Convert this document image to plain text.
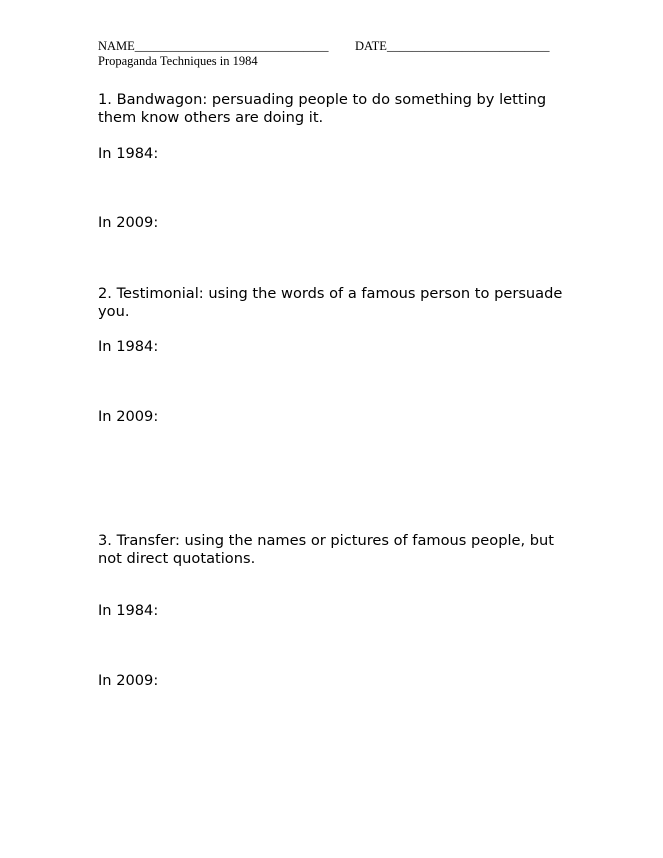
NAME_______________________________ DATE__________________________
Propaganda Techniques in 1984
1. Bandwagon: persuading people to do something by letting them know others are doing it.
In 1984:
In 2009:
2. Testimonial: using the words of a famous person to persuade you.
In 1984:
In 2009:
3. Transfer: using the names or pictures of famous people, but not direct quotations.
In 1984:
In 2009:
